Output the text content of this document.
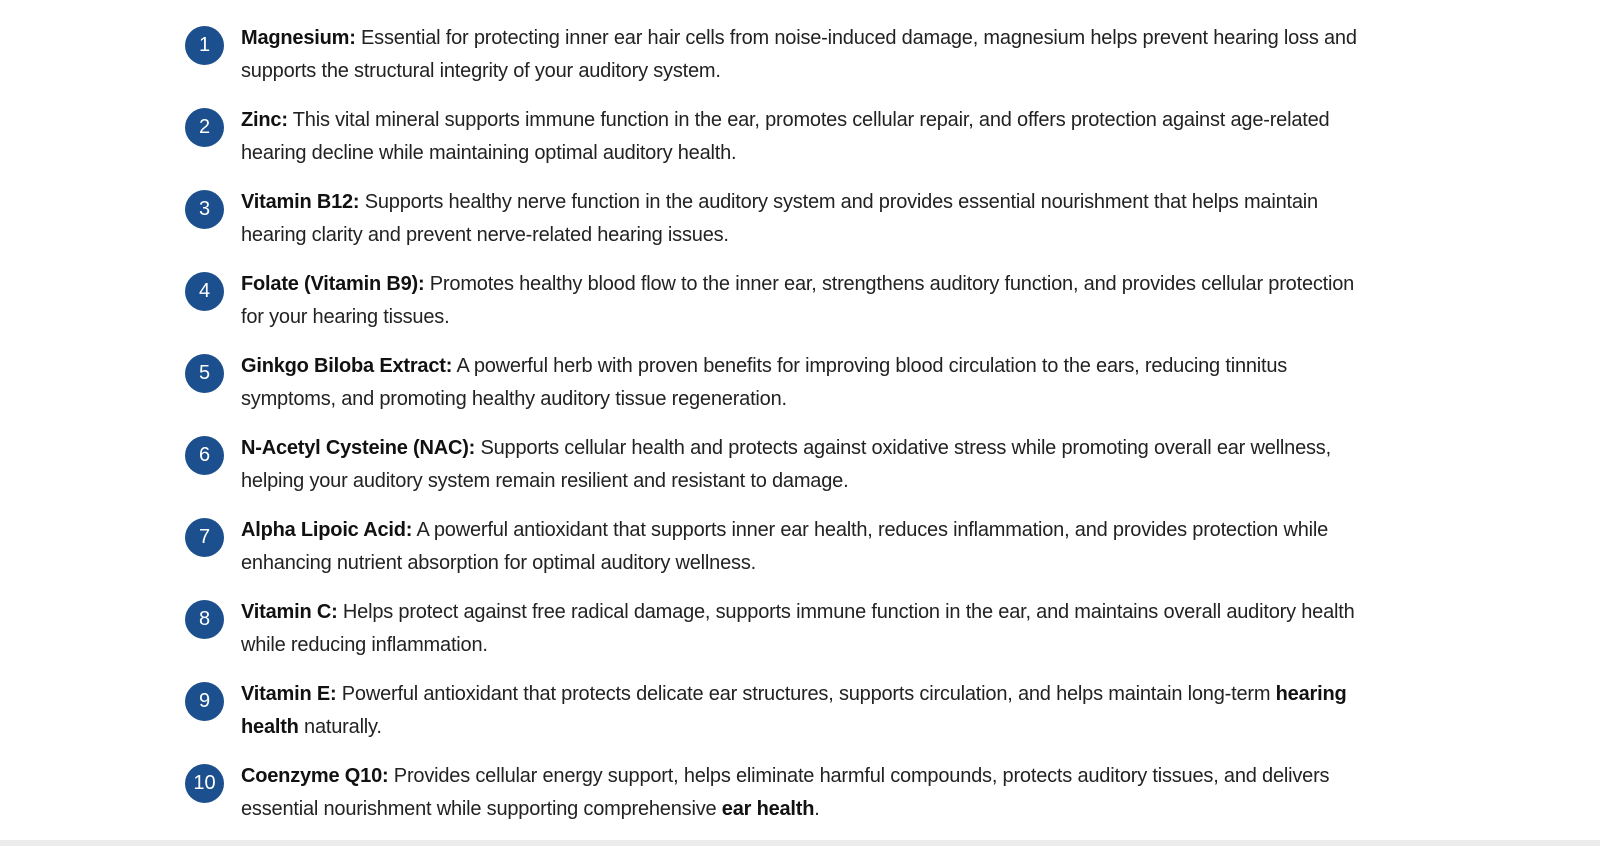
1	Magnesium: Essential for protecting inner ear hair cells from noise-induced damage, magnesium helps prevent hearing loss and supports the structural integrity of your auditory system.
2	Zinc: This vital mineral supports immune function in the ear, promotes cellular repair, and offers protection against age-related hearing decline while maintaining optimal auditory health.
3	Vitamin B12: Supports healthy nerve function in the auditory system and provides essential nourishment that helps maintain hearing clarity and prevent nerve-related hearing issues.
4	Folate (Vitamin B9): Promotes healthy blood flow to the inner ear, strengthens auditory function, and provides cellular protection for your hearing tissues.
5	Ginkgo Biloba Extract: A powerful herb with proven benefits for improving blood circulation to the ears, reducing tinnitus symptoms, and promoting healthy auditory tissue regeneration.
6	N-Acetyl Cysteine (NAC): Supports cellular health and protects against oxidative stress while promoting overall ear wellness, helping your auditory system remain resilient and resistant to damage.
7	Alpha Lipoic Acid: A powerful antioxidant that supports inner ear health, reduces inflammation, and provides protection while enhancing nutrient absorption for optimal auditory wellness.
8	Vitamin C: Helps protect against free radical damage, supports immune function in the ear, and maintains overall auditory health while reducing inflammation.
9	Vitamin E: Powerful antioxidant that protects delicate ear structures, supports circulation, and helps maintain long-term hearing health naturally.
10	Coenzyme Q10: Provides cellular energy support, helps eliminate harmful compounds, protects auditory tissues, and delivers essential nourishment while supporting comprehensive ear health.
